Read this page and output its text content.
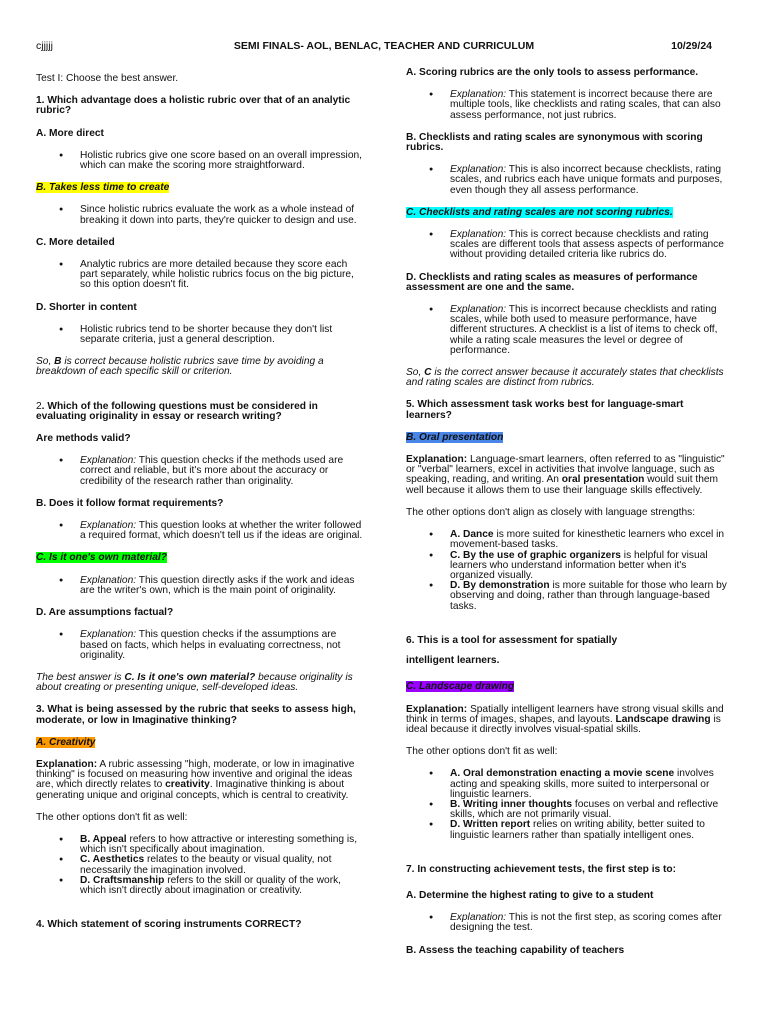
cjjjjj	SEMI FINALS- AOL, BENLAC, TEACHER AND CURRICULUM	10/29/24

Test I: Choose the best answer.

1. Which advantage does a holistic rubric over that of an analytic rubric?

A. More direct

● Holistic rubrics give one score based on an overall impression, which can make the scoring more straightforward.
B. Takes less time to create
● Since holistic rubrics evaluate the work as a whole instead of breaking it down into parts, they're quicker to design and use.

C. More detailed

● Analytic rubrics are more detailed because they score each part separately, while holistic rubrics focus on the big picture, so this option doesn't fit.

D. Shorter in content

● Holistic rubrics tend to be shorter because they don't list separate criteria, just a general description.

So, B is correct because holistic rubrics save time by avoiding a breakdown of each specific skill or criterion.

2. Which of the following questions must be considered in evaluating originality in essay or research writing?

Are methods valid?

● Explanation: This question checks if the methods used are correct and reliable, but it's more about the accuracy or credibility of the research rather than originality.

B. Does it follow format requirements?

● Explanation: This question looks at whether the writer followed a required format, which doesn't tell us if the ideas are original.
C. Is it one's own material?
● Explanation: This question directly asks if the work and ideas are the writer's own, which is the main point of originality.

D. Are assumptions factual?

● Explanation: This question checks if the assumptions are based on facts, which helps in evaluating correctness, not originality.

The best answer is C. Is it one's own material? because originality is about creating or presenting unique, self-developed ideas.

3. What is being assessed by the rubric that seeks to assess high, moderate, or low in Imaginative thinking?

A. Creativity

Explanation: A rubric assessing "high, moderate, or low in imaginative thinking" is focused on measuring how inventive and original the ideas are, which directly relates to creativity. Imaginative thinking is about generating unique and original concepts, which is central to creativity.

The other options don't fit as well:

● B. Appeal refers to how attractive or interesting something is, which isn't specifically about imagination.
● C. Aesthetics relates to the beauty or visual quality, not necessarily the imagination involved.
● D. Craftsmanship refers to the skill or quality of the work, which isn't directly about imagination or creativity.

4. Which statement of scoring instruments CORRECT?

A. Scoring rubrics are the only tools to assess performance.

● Explanation: This statement is incorrect because there are multiple tools, like checklists and rating scales, that can also assess performance, not just rubrics.

B. Checklists and rating scales are synonymous with scoring rubrics.

● Explanation: This is also incorrect because checklists, rating scales, and rubrics each have unique formats and purposes, even though they all assess performance.
C. Checklists and rating scales are not scoring rubrics.
● Explanation: This is correct because checklists and rating scales are different tools that assess aspects of performance without providing detailed criteria like rubrics do.

D. Checklists and rating scales as measures of performance assessment are one and the same.

● Explanation: This is incorrect because checklists and rating scales, while both used to measure performance, have different structures. A checklist is a list of items to check off, while a rating scale measures the level or degree of performance.

So, C is the correct answer because it accurately states that checklists and rating scales are distinct from rubrics.

5. Which assessment task works best for language-smart learners?

B. Oral presentation

Explanation: Language-smart learners, often referred to as "linguistic" or "verbal" learners, excel in activities that involve language, such as speaking, reading, and writing. An oral presentation would suit them well because it allows them to use their language skills effectively.

The other options don't align as closely with language strengths:

● A. Dance is more suited for kinesthetic learners who excel in movement-based tasks.
● C. By the use of graphic organizers is helpful for visual learners who understand information better when it's organized visually.
● D. By demonstration is more suitable for those who learn by observing and doing, rather than through language-based tasks.

6. This is a tool for assessment for spatially

intelligent learners.

C. Landscape drawing

Explanation: Spatially intelligent learners have strong visual skills and think in terms of images, shapes, and layouts. Landscape drawing is ideal because it directly involves visual-spatial skills.

The other options don't fit as well:

● A. Oral demonstration enacting a movie scene involves acting and speaking skills, more suited to interpersonal or linguistic learners.
● B. Writing inner thoughts focuses on verbal and reflective skills, which are not primarily visual.
● D. Written report relies on writing ability, better suited to linguistic learners rather than spatially intelligent ones.

7. In constructing achievement tests, the first step is to:

A. Determine the highest rating to give to a student

● Explanation: This is not the first step, as scoring comes after designing the test.

B. Assess the teaching capability of teachers
